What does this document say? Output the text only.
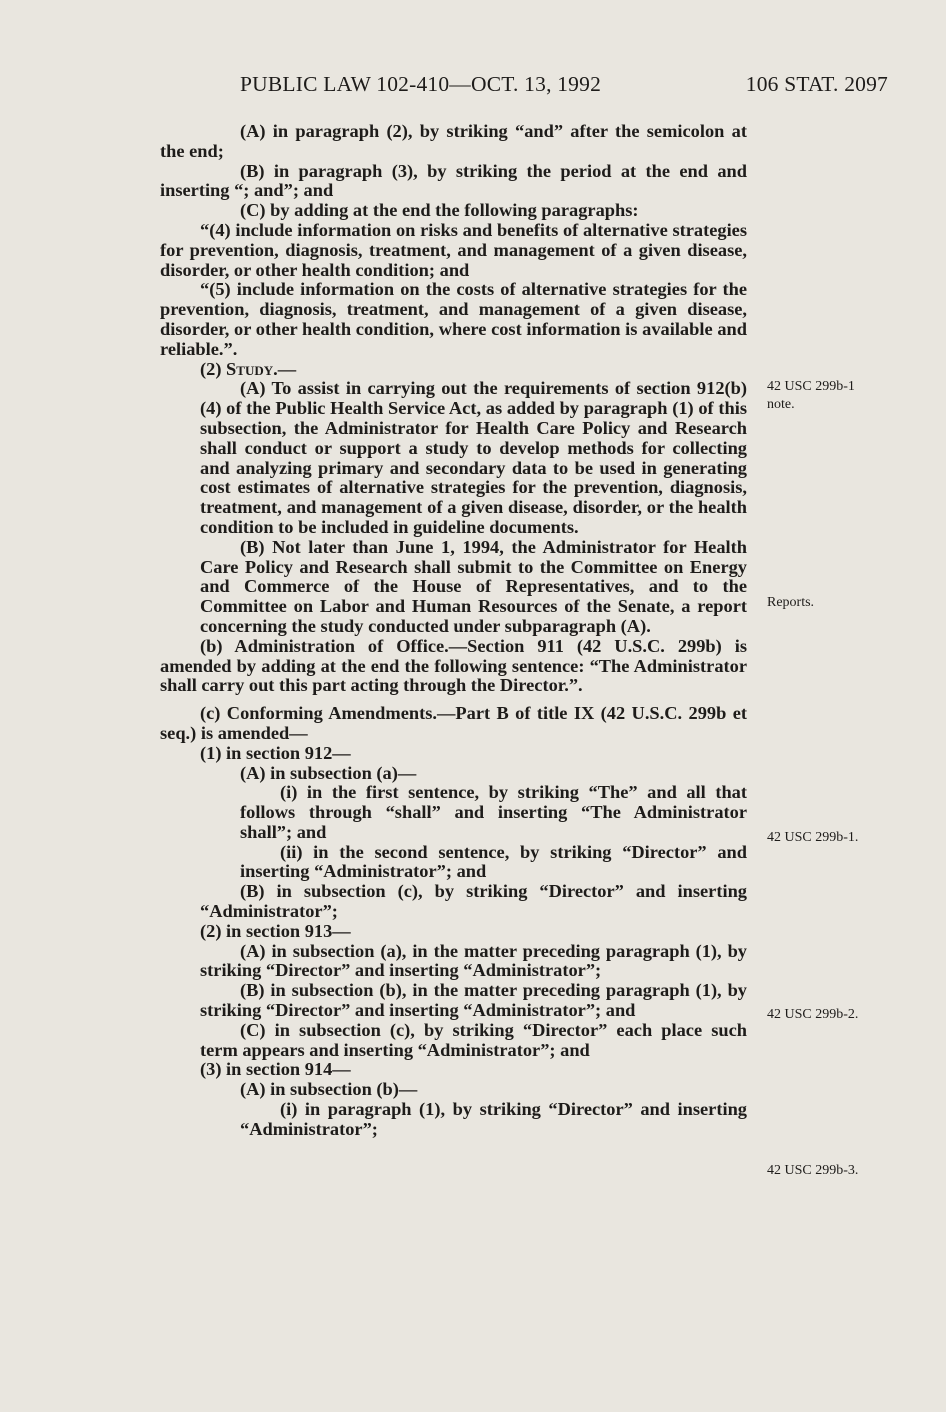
PUBLIC LAW 102-410—OCT. 13, 1992	106 STAT. 2097

(A) in paragraph (2), by striking “and” after the semicolon at the end;

(B) in paragraph (3), by striking the period at the end and inserting “; and”; and

(C) by adding at the end the following paragraphs:

“(4) include information on risks and benefits of alternative strategies for prevention, diagnosis, treatment, and management of a given disease, disorder, or other health condition; and

“(5) include information on the costs of alternative strategies for the prevention, diagnosis, treatment, and management of a given disease, disorder, or other health condition, where cost information is available and reliable.”.

(2) Study.—

(A) To assist in carrying out the requirements of section 912(b)(4) of the Public Health Service Act, as added by paragraph (1) of this subsection, the Administrator for Health Care Policy and Research shall conduct or support a study to develop methods for collecting and analyzing primary and secondary data to be used in generating cost estimates of alternative strategies for the prevention, diagnosis, treatment, and management of a given disease, disorder, or the health condition to be included in guideline documents.

(B) Not later than June 1, 1994, the Administrator for Health Care Policy and Research shall submit to the Committee on Energy and Commerce of the House of Representatives, and to the Committee on Labor and Human Resources of the Senate, a report concerning the study conducted under subparagraph (A).

(b) Administration of Office.—Section 911 (42 U.S.C. 299b) is amended by adding at the end the following sentence: “The Administrator shall carry out this part acting through the Director.”.

(c) Conforming Amendments.—Part B of title IX (42 U.S.C. 299b et seq.) is amended—

(1) in section 912—

(A) in subsection (a)—

(i) in the first sentence, by striking “The” and all that follows through “shall” and inserting “The Administrator shall”; and

(ii) in the second sentence, by striking “Director” and inserting “Administrator”; and

(B) in subsection (c), by striking “Director” and inserting “Administrator”;

(2) in section 913—

(A) in subsection (a), in the matter preceding paragraph (1), by striking “Director” and inserting “Administrator”;

(B) in subsection (b), in the matter preceding paragraph (1), by striking “Director” and inserting “Administrator”; and

(C) in subsection (c), by striking “Director” each place such term appears and inserting “Administrator”; and

(3) in section 914—

(A) in subsection (b)—

(i) in paragraph (1), by striking “Director” and inserting “Administrator”;

42 USC 299b-1
note.
Reports.
42 USC 299b-1.
42 USC 299b-2.
42 USC 299b-3.
